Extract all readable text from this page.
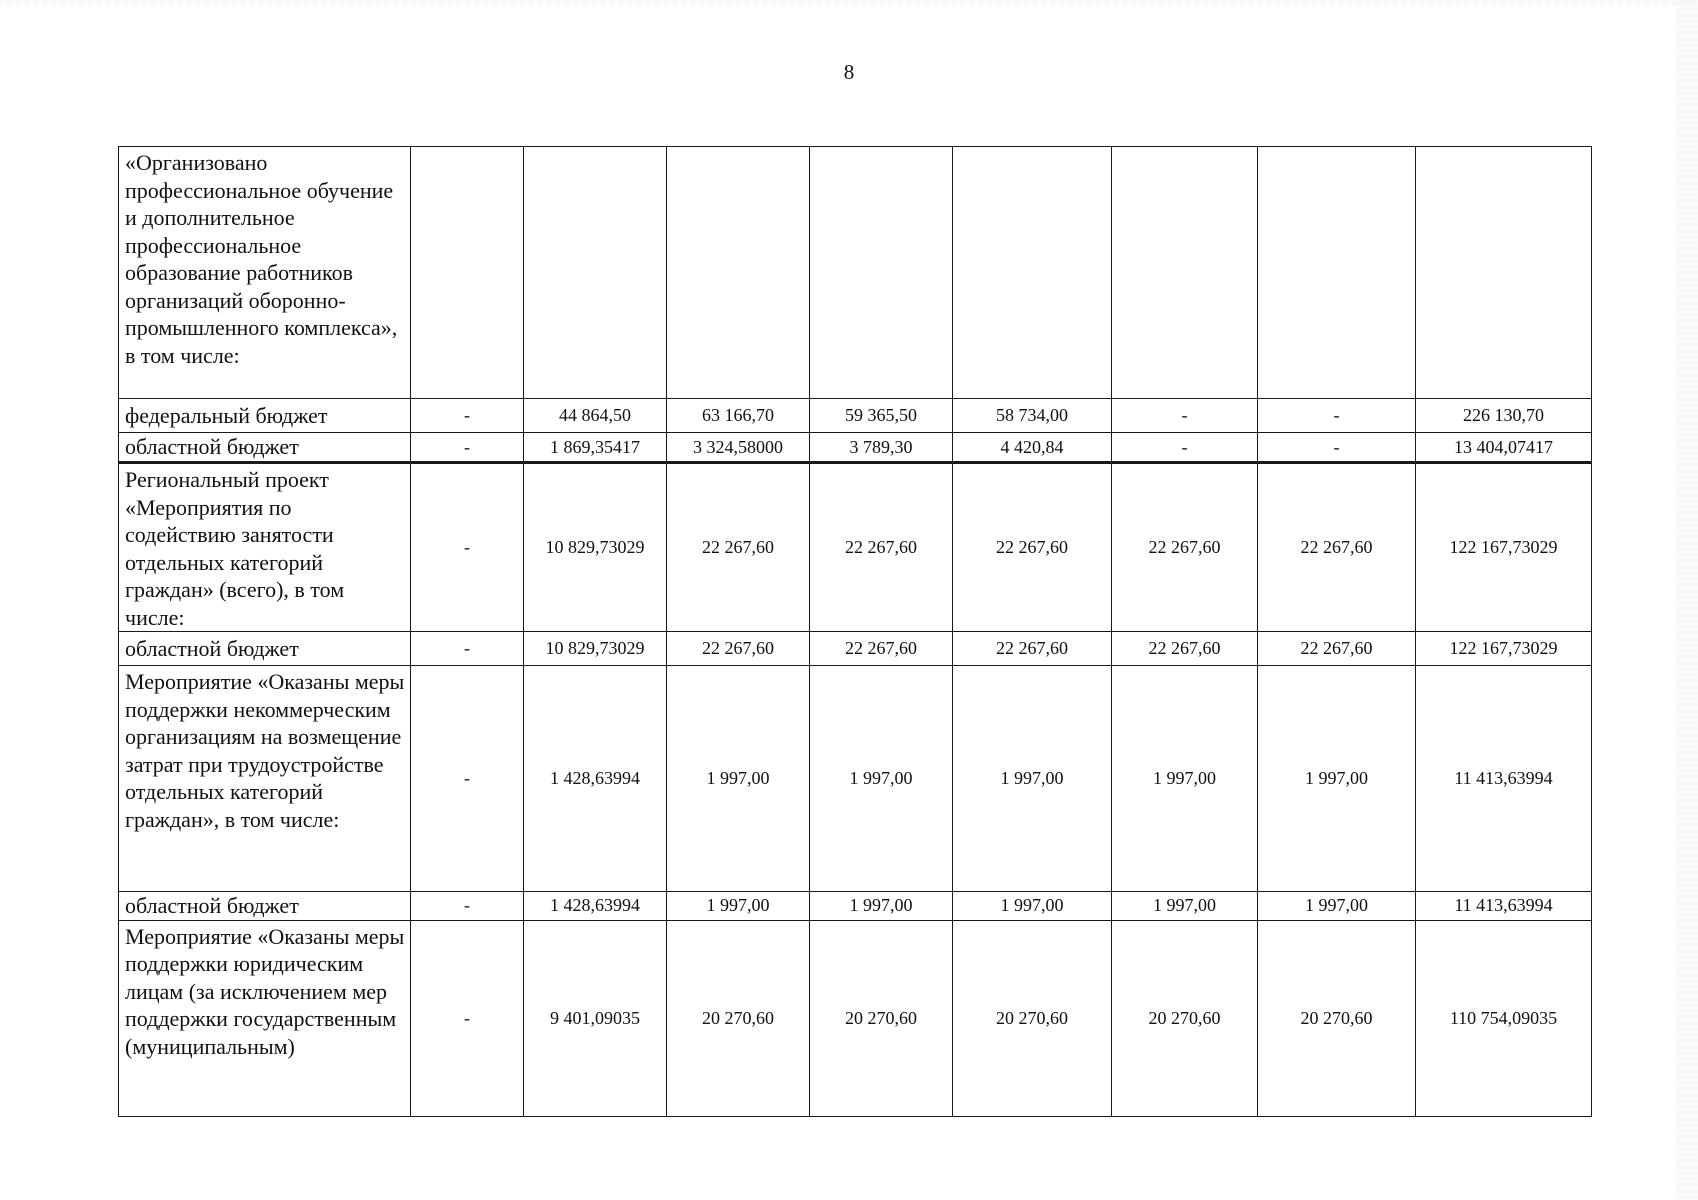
8
«Организовано профессиональное обучение и дополнительное профессиональное образование работников организаций оборонно-промышленного комплекса», в том числе:								
федеральный бюджет	-	44 864,50	63 166,70	59 365,50	58 734,00	-	-	226 130,70
областной бюджет	-	1 869,35417	3 324,58000	3 789,30	4 420,84	-	-	13 404,07417
Региональный проект «Мероприятия по содействию занятости отдельных категорий граждан» (всего), в том числе:	-	10 829,73029	22 267,60	22 267,60	22 267,60	22 267,60	22 267,60	122 167,73029
областной бюджет	-	10 829,73029	22 267,60	22 267,60	22 267,60	22 267,60	22 267,60	122 167,73029
Мероприятие «Оказаны меры поддержки некоммерческим организациям на возмещение затрат при трудоустройстве отдельных категорий граждан», в том числе:	-	1 428,63994	1 997,00	1 997,00	1 997,00	1 997,00	1 997,00	11 413,63994
областной бюджет	-	1 428,63994	1 997,00	1 997,00	1 997,00	1 997,00	1 997,00	11 413,63994
Мероприятие «Оказаны меры поддержки юридическим лицам (за исключением мер поддержки государственным (муниципальным)	-	9 401,09035	20 270,60	20 270,60	20 270,60	20 270,60	20 270,60	110 754,09035
